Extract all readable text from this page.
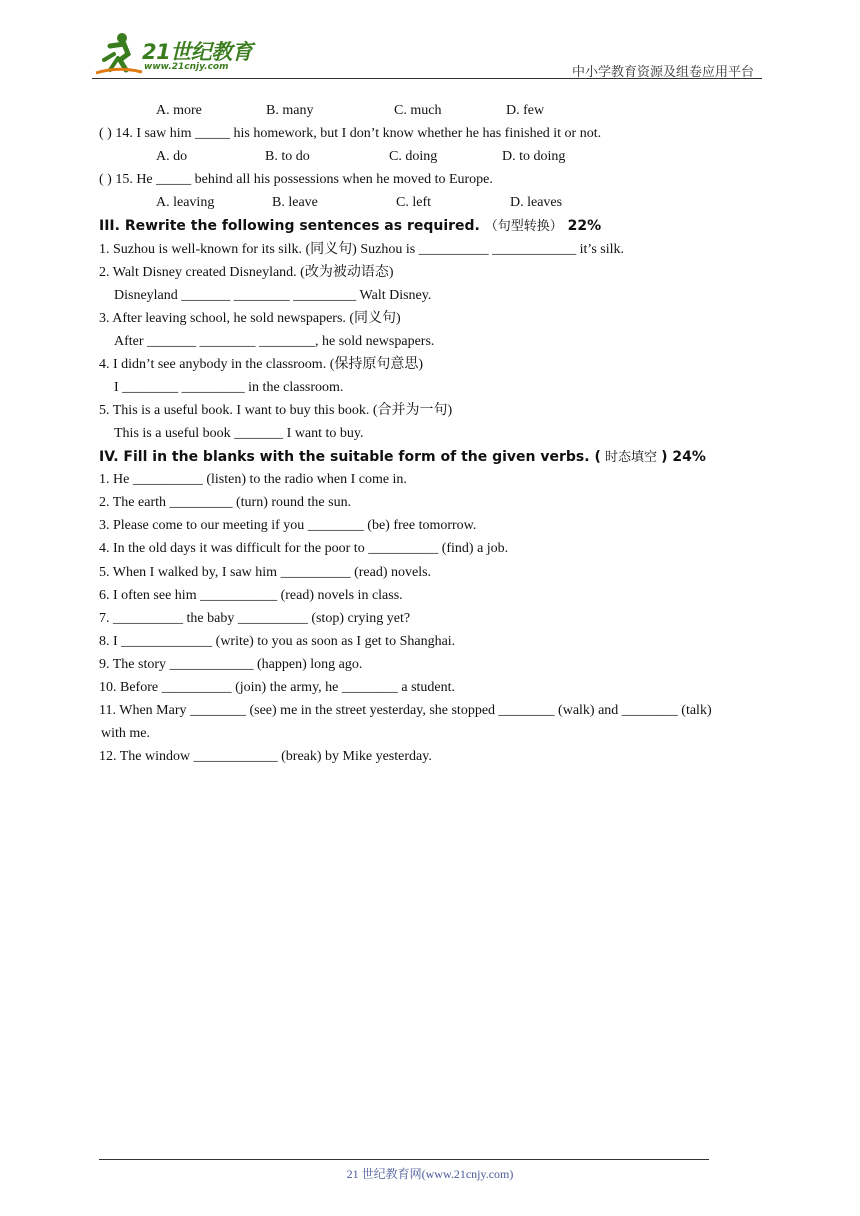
21世纪教育
www.21cnjy.com	中小学教育资源及组卷应用平台
A. more	B. many	C. much	D. few
( ) 14. I saw him _____ his homework, but I don’t know whether he has finished it or not.
A. do	B. to do	C. doing	D. to doing
( ) 15. He _____ behind all his possessions when he moved to Europe.
A. leaving	B. leave	C. left	D. leaves
III. Rewrite the following sentences as required. （句型转换） 22%
1. Suzhou is well-known for its silk. (同义句) Suzhou is __________ ____________ it’s silk.
2. Walt Disney created Disneyland. (改为被动语态)
Disneyland _______ ________ _________ Walt Disney.
3. After leaving school, he sold newspapers. (同义句)
After _______ ________ ________, he sold newspapers.
4. I didn’t see anybody in the classroom. (保持原句意思)
I ________ _________ in the classroom.
5. This is a useful book. I want to buy this book. (合并为一句)
This is a useful book _______ I want to buy.
IV. Fill in the blanks with the suitable form of the given verbs. ( 时态填空 ) 24%
1. He __________ (listen) to the radio when I come in.
2. The earth _________ (turn) round the sun.
3. Please come to our meeting if you ________ (be) free tomorrow.
4. In the old days it was difficult for the poor to __________ (find) a job.
5. When I walked by, I saw him __________ (read) novels.
6. I often see him ___________ (read) novels in class.
7. __________ the baby __________ (stop) crying yet?
8. I _____________ (write) to you as soon as I get to Shanghai.
9. The story ____________ (happen) long ago.
10. Before __________ (join) the army, he ________ a student.
11. When Mary ________ (see) me in the street yesterday, she stopped ________ (walk) and ________ (talk)
with me.
12. The window ____________ (break) by Mike yesterday.
21 世纪教育网(www.21cnjy.com)
